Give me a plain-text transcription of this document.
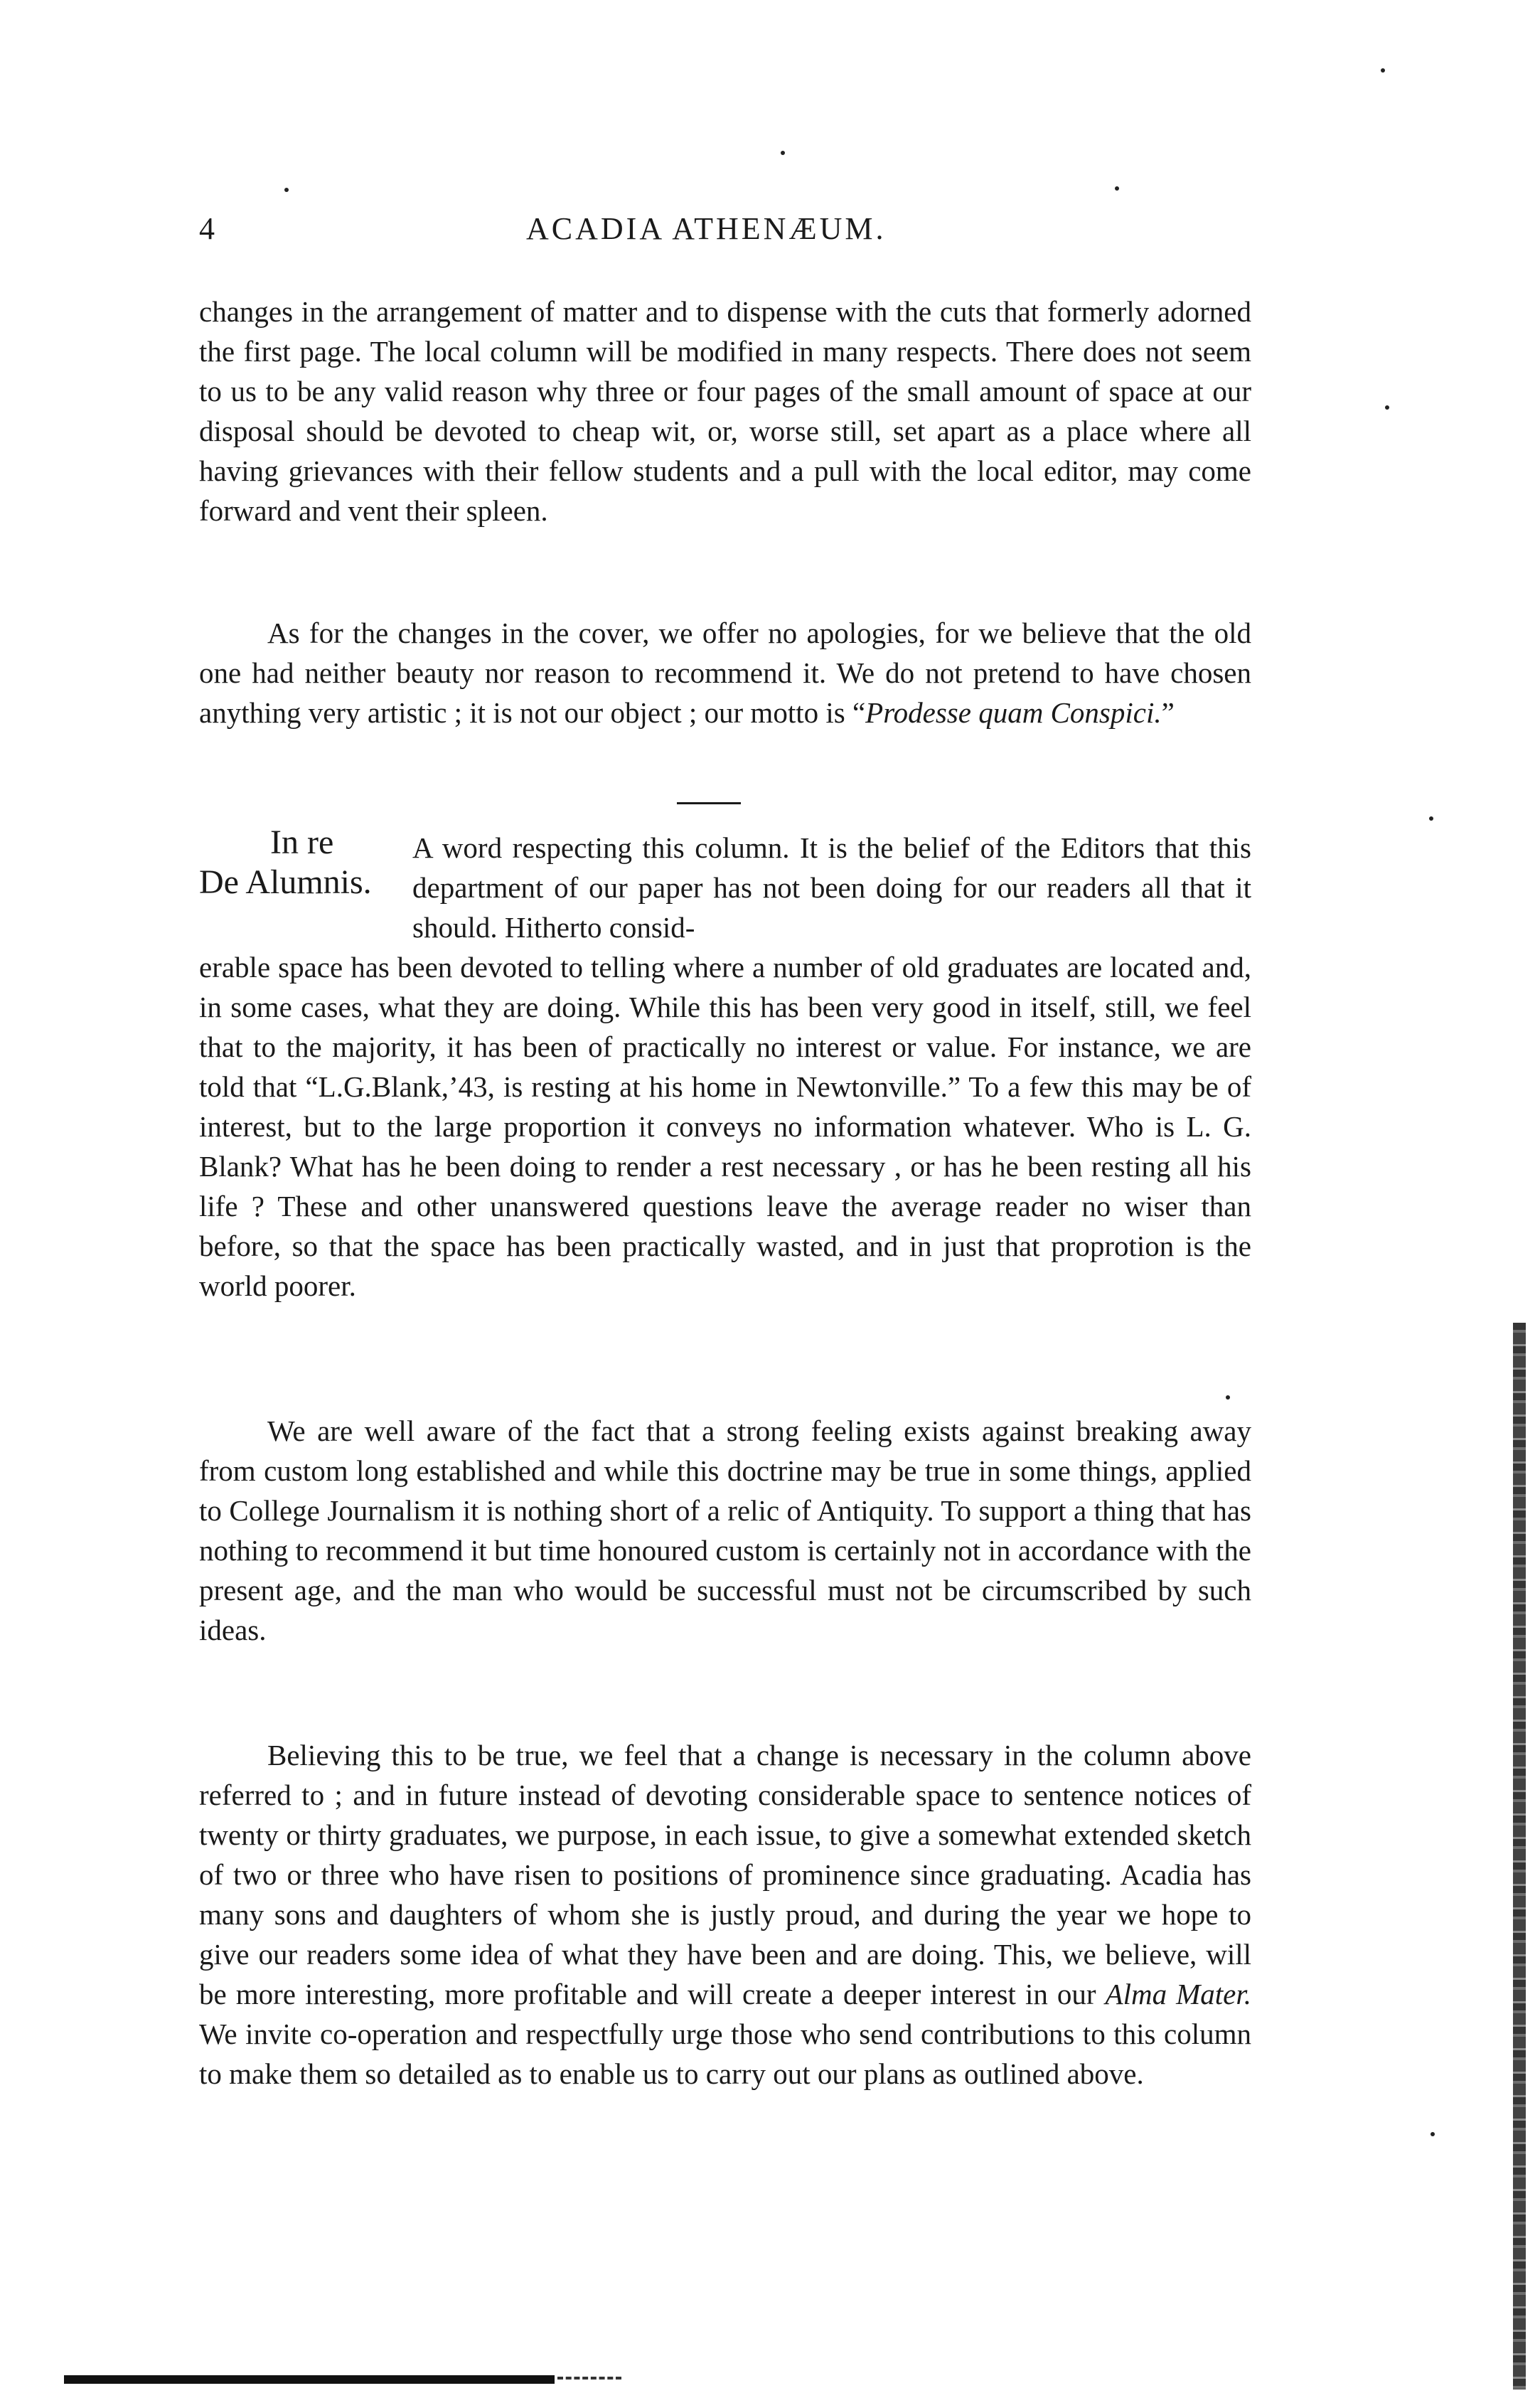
4	ACADIA ATHENÆUM.

changes in the arrangement of matter and to dispense with the cuts that formerly adorned the first page. The local column will be modified in many respects. There does not seem to us to be any valid reason why three or four pages of the small amount of space at our disposal should be devoted to cheap wit, or, worse still, set apart as a place where all having grievances with their fellow students and a pull with the local editor, may come forward and vent their spleen.

As for the changes in the cover, we offer no apologies, for we believe that the old one had neither beauty nor reason to recommend it. We do not pretend to have chosen anything very artistic ; it is not our object ; our motto is “Prodesse quam Conspici.”

In re
De Alumnis.

A word respecting this column. It is the belief of the Editors that this department of our paper has not been doing for our readers all that it should. Hitherto consid-

erable space has been devoted to telling where a number of old graduates are located and, in some cases, what they are doing. While this has been very good in itself, still, we feel that to the majority, it has been of practically no interest or value. For instance, we are told that “L.G.Blank,’43, is resting at his home in Newtonville.” To a few this may be of interest, but to the large proportion it conveys no information whatever. Who is L. G. Blank? What has he been doing to render a rest necessary , or has he been resting all his life ? These and other unanswered questions leave the average reader no wiser than before, so that the space has been practically wasted, and in just that proprotion is the world poorer.

We are well aware of the fact that a strong feeling exists against breaking away from custom long established and while this doctrine may be true in some things, applied to College Journalism it is nothing short of a relic of Antiquity. To support a thing that has nothing to recommend it but time honoured custom is certainly not in accordance with the present age, and the man who would be successful must not be circumscribed by such ideas.

Believing this to be true, we feel that a change is necessary in the column above referred to ; and in future instead of devoting considerable space to sentence notices of twenty or thirty graduates, we purpose, in each issue, to give a somewhat extended sketch of two or three who have risen to positions of prominence since graduating. Acadia has many sons and daughters of whom she is justly proud, and during the year we hope to give our readers some idea of what they have been and are doing. This, we believe, will be more interesting, more profitable and will create a deeper interest in our Alma Mater. We invite co-operation and respectfully urge those who send contributions to this column to make them so detailed as to enable us to carry out our plans as outlined above.
